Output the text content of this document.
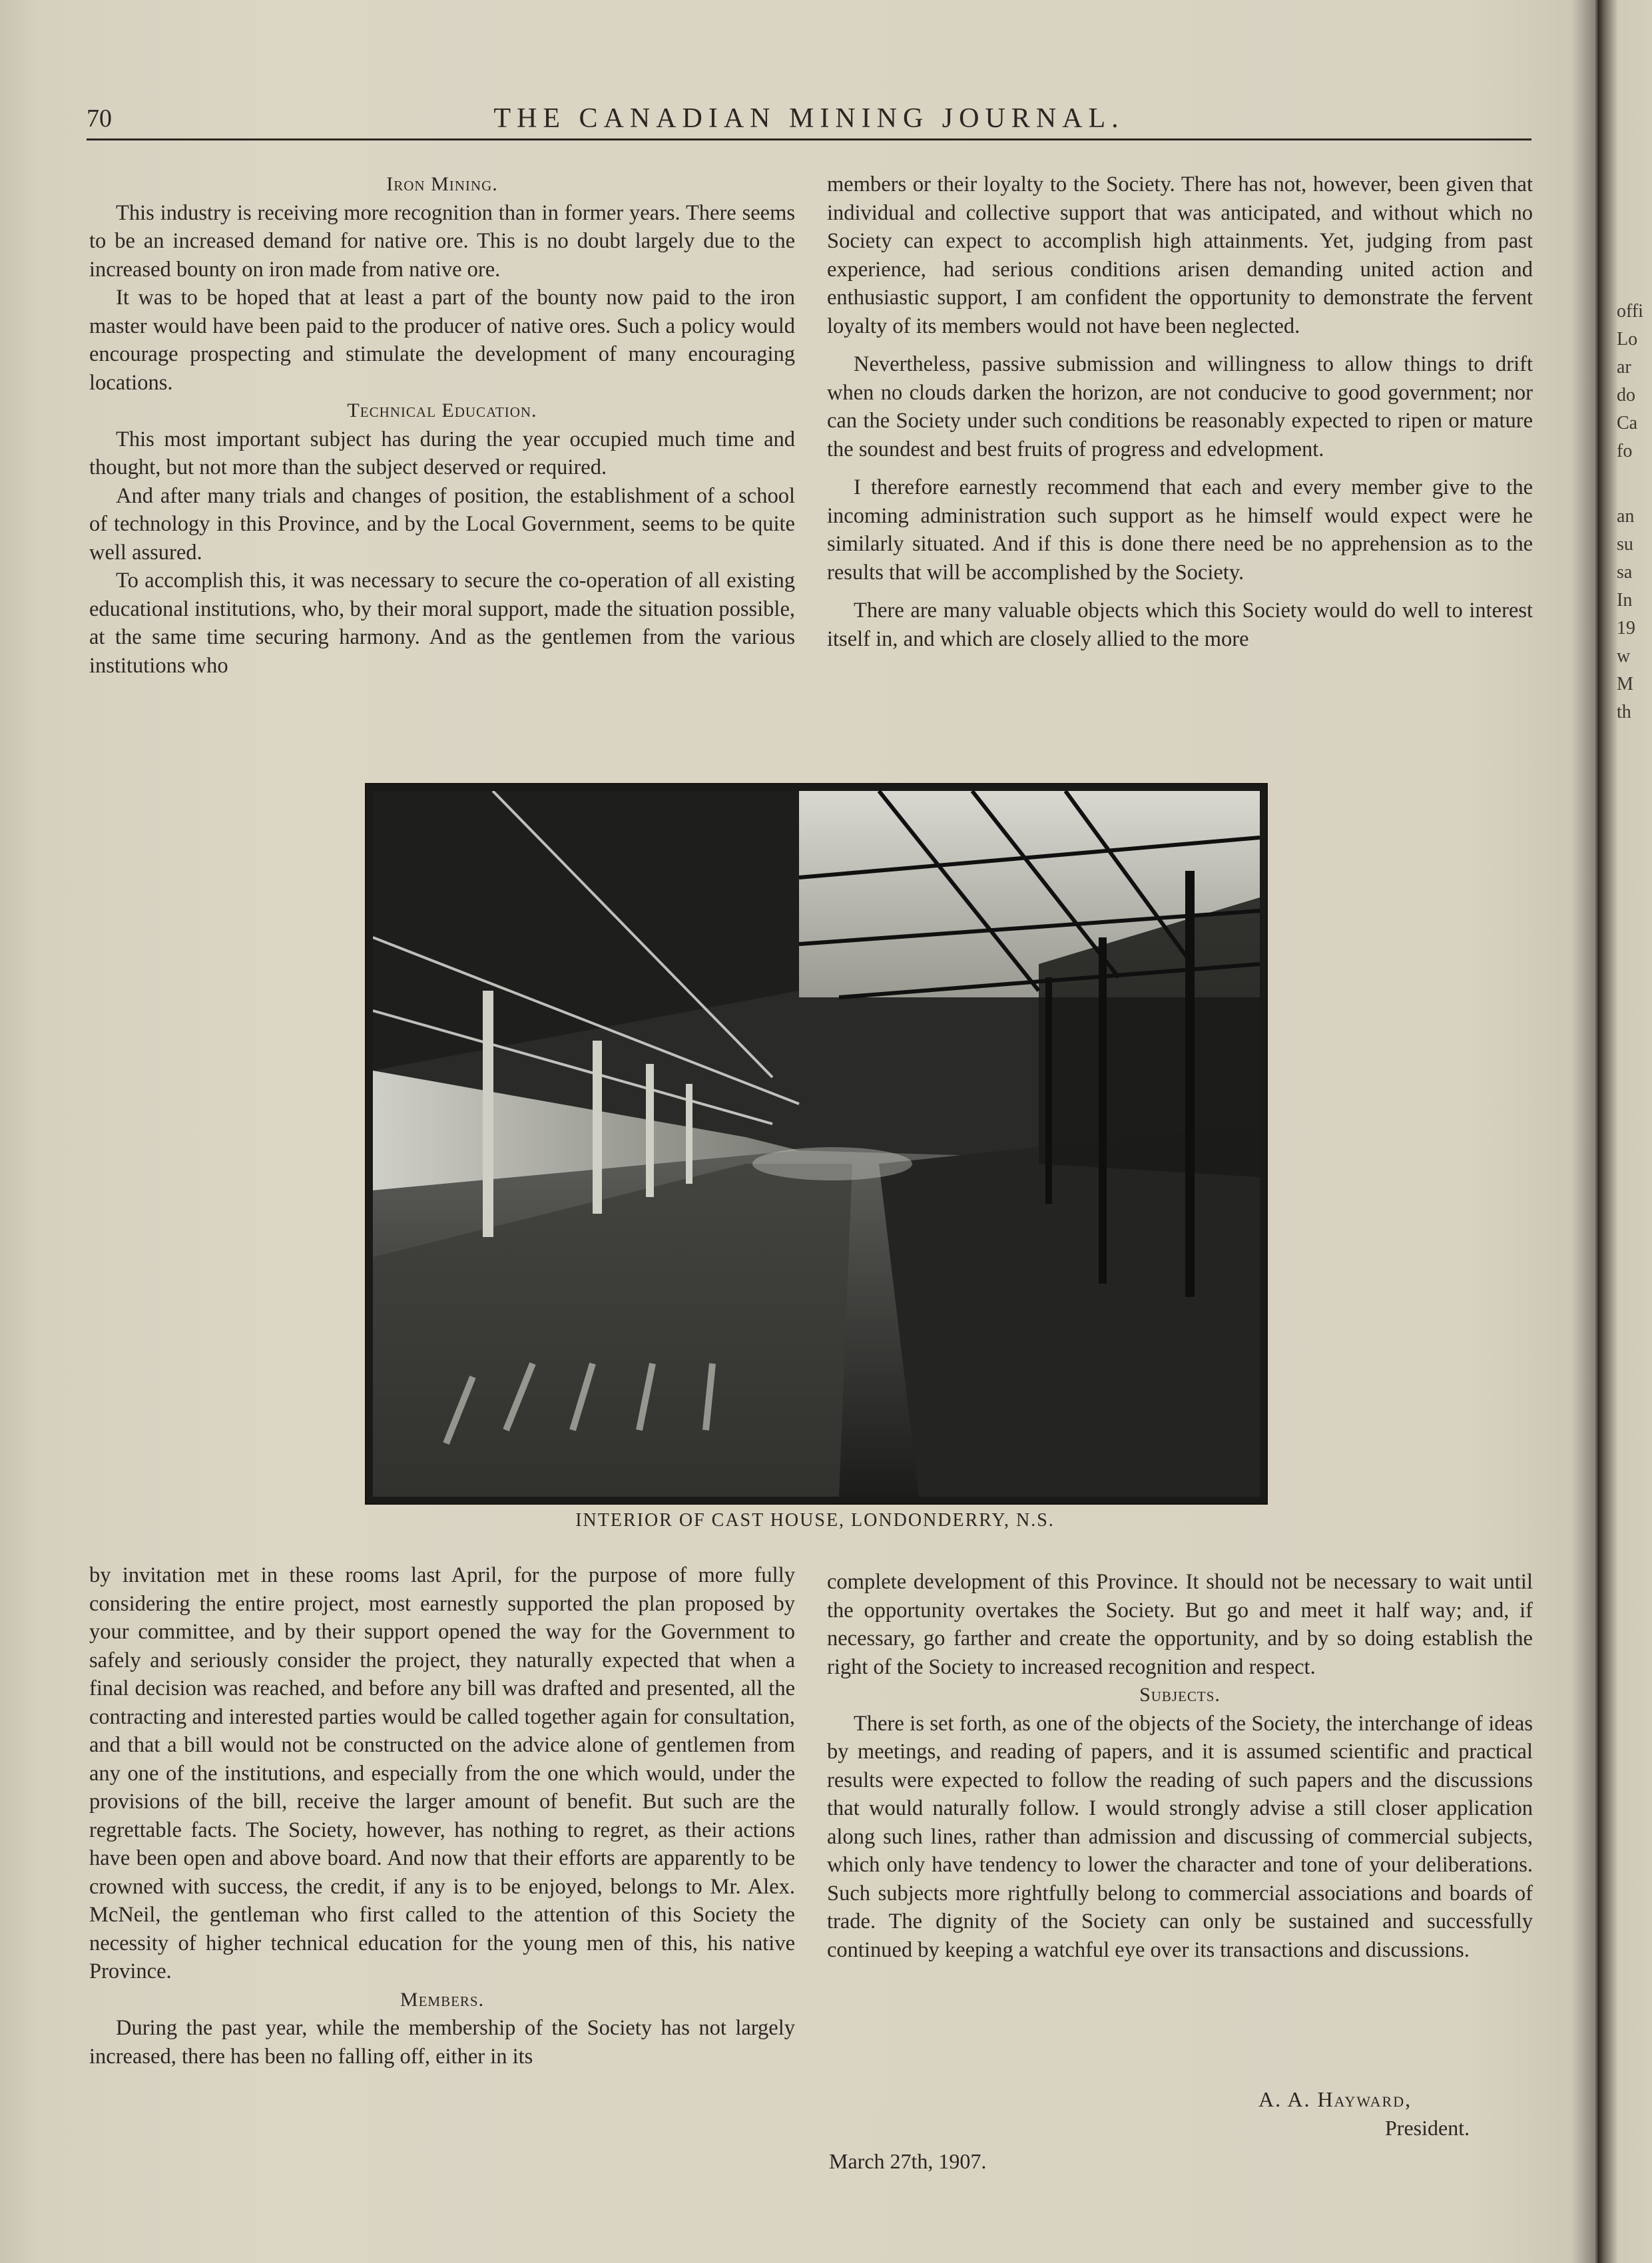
70	THE CANADIAN MINING JOURNAL.

Iron Mining.

This industry is receiving more recognition than in former years. There seems to be an increased demand for native ore. This is no doubt largely due to the increased bounty on iron made from native ore.

It was to be hoped that at least a part of the bounty now paid to the iron master would have been paid to the producer of native ores. Such a policy would encourage prospecting and stimulate the development of many encouraging locations.

Technical Education.

This most important subject has during the year occupied much time and thought, but not more than the subject deserved or required.

And after many trials and changes of position, the establishment of a school of technology in this Province, and by the Local Government, seems to be quite well assured.

To accomplish this, it was necessary to secure the co-operation of all existing educational institutions, who, by their moral support, made the situation possible, at the same time securing harmony. And as the gentlemen from the various institutions who

members or their loyalty to the Society. There has not, however, been given that individual and collective support that was anticipated, and without which no Society can expect to accomplish high attainments. Yet, judging from past experience, had serious conditions arisen demanding united action and enthusiastic support, I am confident the opportunity to demonstrate the fervent loyalty of its members would not have been neglected.

Nevertheless, passive submission and willingness to allow things to drift when no clouds darken the horizon, are not conducive to good government; nor can the Society under such conditions be reasonably expected to ripen or mature the soundest and best fruits of progress and edvelopment.

I therefore earnestly recommend that each and every member give to the incoming administration such support as he himself would expect were he similarly situated. And if this is done there need be no apprehension as to the results that will be accomplished by the Society.

There are many valuable objects which this Society would do well to interest itself in, and which are closely allied to the more

INTERIOR OF CAST HOUSE, LONDONDERRY, N.S.

by invitation met in these rooms last April, for the purpose of more fully considering the entire project, most earnestly supported the plan proposed by your committee, and by their support opened the way for the Government to safely and seriously consider the project, they naturally expected that when a final decision was reached, and before any bill was drafted and presented, all the contracting and interested parties would be called together again for consultation, and that a bill would not be constructed on the advice alone of gentlemen from any one of the institutions, and especially from the one which would, under the provisions of the bill, receive the larger amount of benefit. But such are the regrettable facts. The Society, however, has nothing to regret, as their actions have been open and above board. And now that their efforts are apparently to be crowned with success, the credit, if any is to be enjoyed, belongs to Mr. Alex. McNeil, the gentleman who first called to the attention of this Society the necessity of higher technical education for the young men of this, his native Province.

Members.

During the past year, while the membership of the Society has not largely increased, there has been no falling off, either in its

complete development of this Province. It should not be necessary to wait until the opportunity overtakes the Society. But go and meet it half way; and, if necessary, go farther and create the opportunity, and by so doing establish the right of the Society to increased recognition and respect.

Subjects.

There is set forth, as one of the objects of the Society, the interchange of ideas by meetings, and reading of papers, and it is assumed scientific and practical results were expected to follow the reading of such papers and the discussions that would naturally follow. I would strongly advise a still closer application along such lines, rather than admission and discussing of commercial subjects, which only have tendency to lower the character and tone of your deliberations. Such subjects more rightfully belong to commercial associations and boards of trade. The dignity of the Society can only be sustained and successfully continued by keeping a watchful eye over its transactions and discussions.

A. A. Hayward,
President.
March 27th, 1907.
offi
Lo
ar
do
Ca
fo
an
su
sa
In
19
w
M
th
